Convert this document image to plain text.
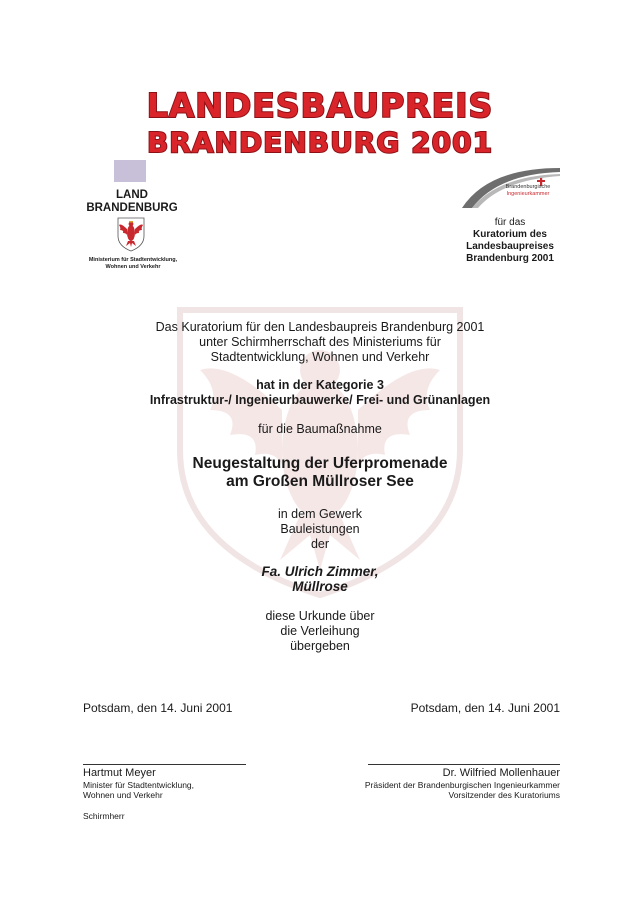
LANDESBAUPREIS
BRANDENBURG 2001
LAND
BRANDENBURG
Ministerium für Stadtentwicklung,
Wohnen und Verkehr
Brandenburgische
Ingenieurkammer
für das
Kuratorium des
Landesbaupreises
Brandenburg 2001
Das Kuratorium für den Landesbaupreis Brandenburg 2001
unter Schirmherrschaft des Ministeriums für
Stadtentwicklung, Wohnen und Verkehr
hat in der Kategorie 3
Infrastruktur-/ Ingenieurbauwerke/ Frei- und Grünanlagen
für die Baumaßnahme
Neugestaltung der Uferpromenade
am Großen Müllroser See
in dem Gewerk
Bauleistungen
der
Fa. Ulrich Zimmer,
Müllrose
diese Urkunde über
die Verleihung
übergeben
Potsdam, den 14. Juni 2001	Potsdam, den 14. Juni 2001
Hartmut Meyer
Minister für Stadtentwicklung,
Wohnen und Verkehr
Schirmherr
Dr. Wilfried Mollenhauer
Präsident der Brandenburgischen Ingenieurkammer
Vorsitzender des Kuratoriums
